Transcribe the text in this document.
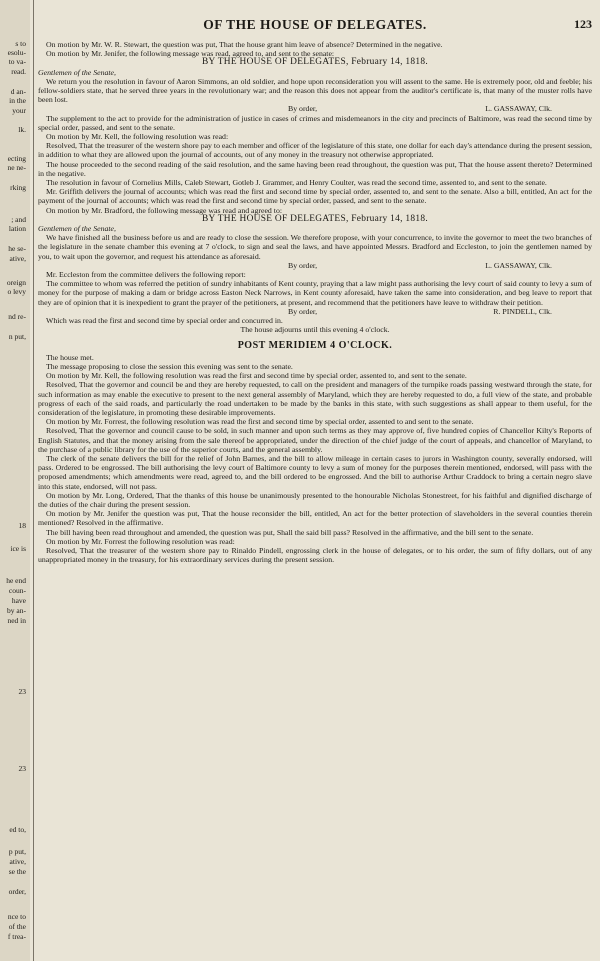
s to
esolu-
to va-
read.
d an-
in the
your
lk.
ecting
ne ne-
rking
; and
lation
he se-
ative,
oreign
o levy
nd re-
n put,
18
ice is
he end
coun-
have
by an-
ned in
23
23
ed to,
p put,
ative,
se the
order,
nce to
of the
f trea-
OF THE HOUSE OF DELEGATES.	123

On motion by Mr. W. R. Stewart, the question was put, That the house grant him leave of absence? Determined in the negative.

On motion by Mr. Jenifer, the following message was read, agreed to, and sent to the senate:

BY THE HOUSE OF DELEGATES, February 14, 1818.

Gentlemen of the Senate,

We return you the resolution in favour of Aaron Simmons, an old soldier, and hope upon reconsideration you will assent to the same. He is extremely poor, old and feeble; his fellow-soldiers state, that he served three years in the revolutionary war; and the reason this does not appear from the auditor's certificate is, that many of the muster rolls have been lost.

By order,	L. GASSAWAY, Clk.

The supplement to the act to provide for the administration of justice in cases of crimes and misdemeanors in the city and precincts of Baltimore, was read the second time by special order, passed, and sent to the senate.

On motion by Mr. Kell, the following resolution was read:

Resolved, That the treasurer of the western shore pay to each member and officer of the legislature of this state, one dollar for each day's attendance during the present session, in addition to what they are allowed upon the journal of accounts, out of any money in the treasury not otherwise appropriated.

The house proceeded to the second reading of the said resolution, and the same having been read throughout, the question was put, That the house assent thereto? Determined in the negative.

The resolution in favour of Cornelius Mills, Caleb Stewart, Gotleb J. Grammer, and Henry Coulter, was read the second time, assented to, and sent to the senate.

Mr. Griffith delivers the journal of accounts; which was read the first and second time by special order, assented to, and sent to the senate. Also a bill, entitled, An act for the payment of the journal of accounts; which was read the first and second time by special order, passed, and sent to the senate.

On motion by Mr. Bradford, the following message was read and agreed to:

BY THE HOUSE OF DELEGATES, February 14, 1818.

Gentlemen of the Senate,

We have finished all the business before us and are ready to close the session. We therefore propose, with your concurrence, to invite the governor to meet the two branches of the legislature in the senate chamber this evening at 7 o'clock, to sign and seal the laws, and have appointed Messrs. Bradford and Eccleston, to join the gentlemen named by you, to wait upon the governor, and request his attendance as aforesaid.

By order,	L. GASSAWAY, Clk.

Mr. Eccleston from the committee delivers the following report:

The committee to whom was referred the petition of sundry inhabitants of Kent county, praying that a law might pass authorising the levy court of said county to levy a sum of money for the purpose of making a dam or bridge across Easton Neck Narrows, in Kent county aforesaid, have taken the same into consideration, and beg leave to report that they are of opinion that it is inexpedient to grant the prayer of the petitioners, at present, and recommend that the petitioners have leave to withdraw their petition.

By order,	R. PINDELL, Clk.

Which was read the first and second time by special order and concurred in.

The house adjourns until this evening 4 o'clock.

POST MERIDIEM 4 O'CLOCK.

The house met.

The message proposing to close the session this evening was sent to the senate.

On motion by Mr. Kell, the following resolution was read the first and second time by special order, assented to, and sent to the senate.

Resolved, That the governor and council be and they are hereby requested, to call on the president and managers of the turnpike roads passing westward through the state, for such information as may enable the executive to present to the next general assembly of Maryland, which they are hereby requested to do, a full view of the state, and probable progress of each of the said roads, and particularly the road undertaken to be made by the banks in this state, with such suggestions as shall appear to them useful, for the consideration of the legislature, in promoting these desirable improvements.

On motion by Mr. Forrest, the following resolution was read the first and second time by special order, assented to and sent to the senate.

Resolved, That the governor and council cause to be sold, in such manner and upon such terms as they may approve of, five hundred copies of Chancellor Kilty's Reports of English Statutes, and that the money arising from the sale thereof be appropriated, under the direction of the chief judge of the court of appeals, and chancellor of Maryland, to the purchase of a public library for the use of the superior courts, and the general assembly.

The clerk of the senate delivers the bill for the relief of John Barnes, and the bill to allow mileage in certain cases to jurors in Washington county, severally endorsed, will pass. Ordered to be engrossed. The bill authorising the levy court of Baltimore county to levy a sum of money for the purposes therein mentioned, endorsed, will pass with the proposed amendments; which amendments were read, agreed to, and the bill ordered to be engrossed. And the bill to authorise Arthur Craddock to bring a certain negro slave into this state, endorsed, will not pass.

On motion by Mr. Long, Ordered, That the thanks of this house be unanimously presented to the honourable Nicholas Stonestreet, for his faithful and dignified discharge of the duties of the chair during the present session.

On motion by Mr. Jenifer the question was put, That the house reconsider the bill, entitled, An act for the better protection of slaveholders in the several counties therein mentioned? Resolved in the affirmative.

The bill having been read throughout and amended, the question was put, Shall the said bill pass? Resolved in the affirmative, and the bill sent to the senate.

On motion by Mr. Forrest the following resolution was read:

Resolved, That the treasurer of the western shore pay to Rinaldo Pindell, engrossing clerk in the house of delegates, or to his order, the sum of fifty dollars, out of any unappropriated money in the treasury, for his extraordinary services during the present session.
